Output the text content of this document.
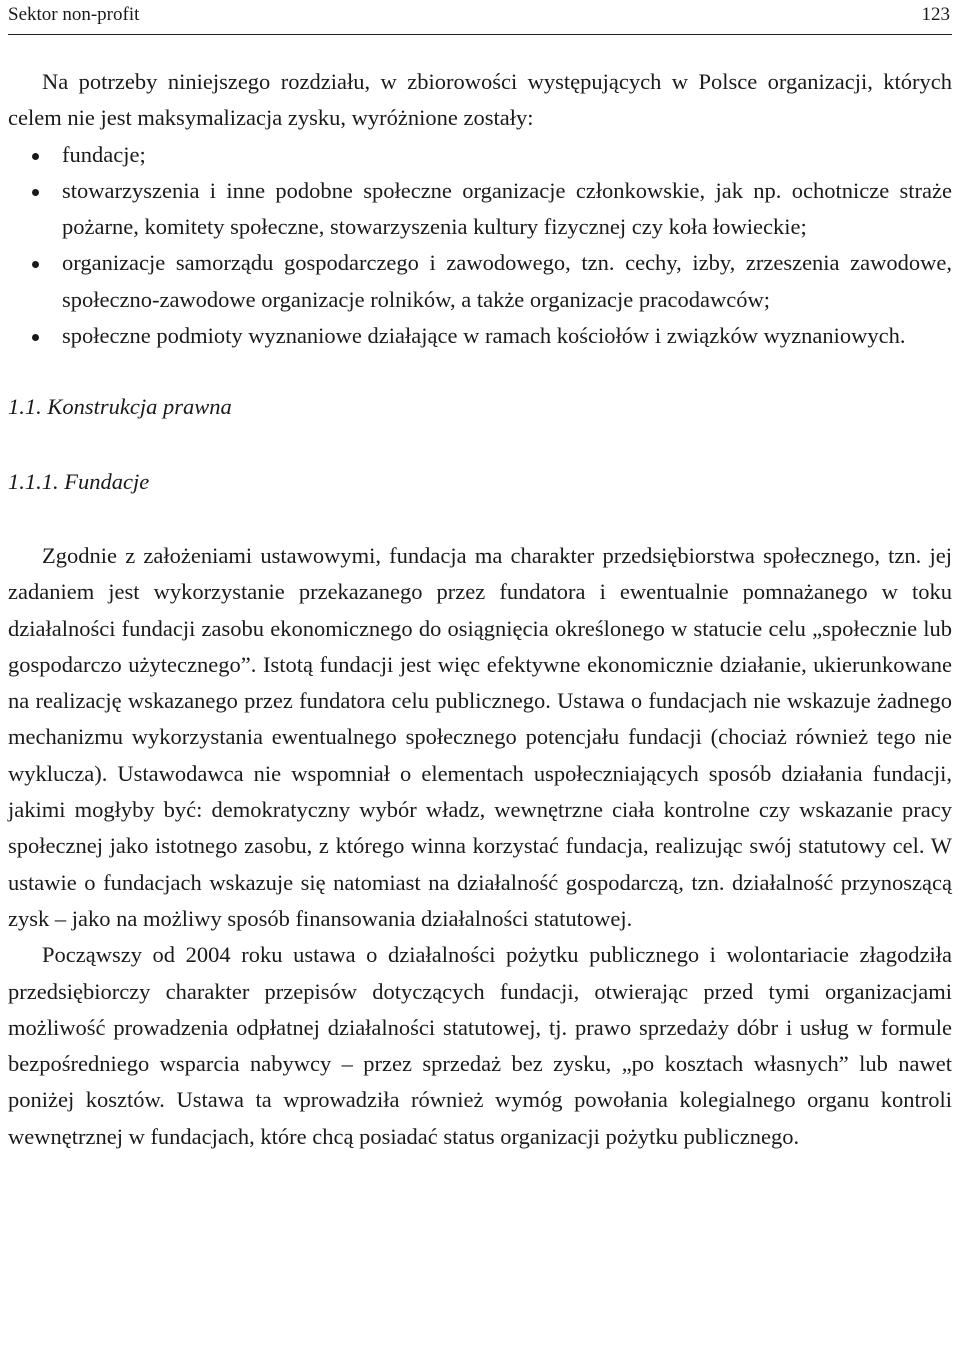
Sektor non-profit	123

Na potrzeby niniejszego rozdziału, w zbiorowości występujących w Polsce organizacji, których celem nie jest maksymalizacja zysku, wyróżnione zostały:

fundacje;
stowarzyszenia i inne podobne społeczne organizacje członkowskie, jak np. ochotnicze straże pożarne, komitety społeczne, stowarzyszenia kultury fizycznej czy koła łowieckie;
organizacje samorządu gospodarczego i zawodowego, tzn. cechy, izby, zrzeszenia zawodowe, społeczno-zawodowe organizacje rolników, a także organizacje pracodawców;
społeczne podmioty wyznaniowe działające w ramach kościołów i związków wyznaniowych.
1.1. Konstrukcja prawna
1.1.1. Fundacje

Zgodnie z założeniami ustawowymi, fundacja ma charakter przedsiębiorstwa społecznego, tzn. jej zadaniem jest wykorzystanie przekazanego przez fundatora i ewentualnie pomnażanego w toku działalności fundacji zasobu ekonomicznego do osiągnięcia określonego w statucie celu „społecznie lub gospodarczo użytecznego”. Istotą fundacji jest więc efektywne ekonomicznie działanie, ukierunkowane na realizację wskazanego przez fundatora celu publicznego. Ustawa o fundacjach nie wskazuje żadnego mechanizmu wykorzystania ewentualnego społecznego potencjału fundacji (chociaż również tego nie wyklucza). Ustawodawca nie wspomniał o elementach uspołeczniających sposób działania fundacji, jakimi mogłyby być: demokratyczny wybór władz, wewnętrzne ciała kontrolne czy wskazanie pracy społecznej jako istotnego zasobu, z którego winna korzystać fundacja, realizując swój statutowy cel. W ustawie o fundacjach wskazuje się natomiast na działalność gospodarczą, tzn. działalność przynoszącą zysk – jako na możliwy sposób finansowania działalności statutowej.

Począwszy od 2004 roku ustawa o działalności pożytku publicznego i wolontariacie złagodziła przedsiębiorczy charakter przepisów dotyczących fundacji, otwierając przed tymi organizacjami możliwość prowadzenia odpłatnej działalności statutowej, tj. prawo sprzedaży dóbr i usług w formule bezpośredniego wsparcia nabywcy – przez sprzedaż bez zysku, „po kosztach własnych” lub nawet poniżej kosztów. Ustawa ta wprowadziła również wymóg powołania kolegialnego organu kontroli wewnętrznej w fundacjach, które chcą posiadać status organizacji pożytku publicznego.
